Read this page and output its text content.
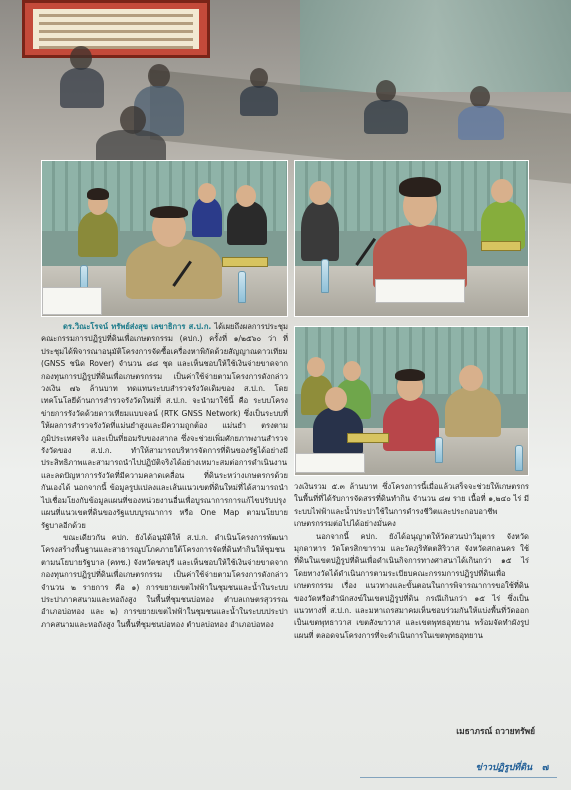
ดร.วิณะโรจน์ ทรัพย์ส่งสุข เลขาธิการ ส.ป.ก. ได้เผยถึงผลการประชุมคณะกรรมการปฏิรูปที่ดินเพื่อเกษตรกรรม (คปก.) ครั้งที่ ๑/๒๕๖๐ ว่า ที่ประชุมได้พิจารณาอนุมัติโครงการจัดซื้อเครื่องหาพิกัดด้วยสัญญาณดาวเทียม (GNSS ชนิด Rover) จำนวน ๘๘ ชุด และเห็นชอบให้ใช้เงินจ่ายขาดจากกองทุนการปฏิรูปที่ดินเพื่อเกษตรกรรม เป็นค่าใช้จ่ายตามโครงการดังกล่าว วงเงิน ๗๖ ล้านบาท ทดแทนระบบสำรวจรังวัดเดิมของ ส.ป.ก. โดยเทคโนโลยีด้านการสำรวจรังวัดใหม่ที่ ส.ป.ก. จะนำมาใช้นี้ คือ ระบบโครงข่ายการรังวัดด้วยดาวเทียมแบบจลน์ (RTK GNSS Network) ซึ่งเป็นระบบที่ให้ผลการสำรวจรังวัดที่แม่นยำสูงและมีความถูกต้อง แม่นยำ ตรงตามภูมิประเทศจริง และเป็นที่ยอมรับของสากล ซึ่งจะช่วยเพิ่มศักยภาพงานสำรวจรังวัดของ ส.ป.ก. ทำให้สามารถบริหารจัดการที่ดินของรัฐได้อย่างมีประสิทธิภาพและสามารถนำไปปฏิบัติจริงได้อย่างเหมาะสมต่อการดำเนินงานและลดปัญหาการรังวัดที่มีความคลาดเคลื่อน ที่ดินระหว่างเกษตรกรด้วยกันเองได้ นอกจากนี้ ข้อมูลรูปแปลงและเส้นแนวเขตที่ดินใหม่ที่ได้สามารถนำไปเชื่อมโยงกับข้อมูลแผนที่ของหน่วยงานอื่นเพื่อบูรณาการการแก้ไขปรับปรุงแผนที่แนวเขตที่ดินของรัฐแบบบูรณาการ หรือ One Map ตามนโยบายรัฐบาลอีกด้วย

ขณะเดียวกัน คปก. ยังได้อนุมัติให้ ส.ป.ก. ดำเนินโครงการพัฒนาโครงสร้างพื้นฐานและสาธารณูปโภคภายใต้โครงการจัดที่ดินทำกินให้ชุมชนตามนโยบายรัฐบาล (คทช.) จังหวัดชลบุรี และเห็นชอบให้ใช้เงินจ่ายขาดจากกองทุนการปฏิรูปที่ดินเพื่อเกษตรกรรม เป็นค่าใช้จ่ายตามโครงการดังกล่าว จำนวน ๒ รายการ คือ ๑) การขยายเขตไฟฟ้าในชุมชนและน้ำในระบบประปาภาคสนามและหอถังสูง ในพื้นที่ชุมชนบ่อทอง ตำบลเกษตรสุวรรณ อำเภอบ่อทอง และ ๒) การขยายเขตไฟฟ้าในชุมชนและน้ำในระบบประปาภาคสนามและหอถังสูง ในพื้นที่ชุมชนบ่อทอง ตำบลบ่อทอง อำเภอบ่อทอง

วงเงินรวม ๕.๓ ล้านบาท ซึ่งโครงการนี้เมื่อแล้วเสร็จจะช่วยให้เกษตรกรในพื้นที่ที่ได้รับการจัดสรรที่ดินทำกิน จำนวน ๘๗ ราย เนื้อที่ ๑,๒๔๐ ไร่ มีระบบไฟฟ้าและน้ำประปาใช้ในการดำรงชีวิตและประกอบอาชีพเกษตรกรรมต่อไปได้อย่างมั่นคง

นอกจากนี้ คปก. ยังได้อนุญาตให้วัดสวนป่าวิมุตาร จังหวัดมุกดาหาร วัดโตรสิกขาราม และวัดภูริทัตตสิริวาส จังหวัดสกลนคร ใช้ที่ดินในเขตปฏิรูปที่ดินเพื่อดำเนินกิจการทางศาสนาได้เกินกว่า ๑๕ ไร่ โดยทางวัดได้ดำเนินการตามระเบียบคณะกรรมการปฏิรูปที่ดินเพื่อเกษตรกรรม เรื่อง แนวทางและขั้นตอนในการพิจารณาการขอใช้ที่ดินของวัดหรือสำนักสงฆ์ในเขตปฏิรูปที่ดิน กรณีเกินกว่า ๑๕ ไร่ ซึ่งเป็นแนวทางที่ ส.ป.ก. และมหาเถรสมาคมเห็นชอบร่วมกันให้แบ่งพื้นที่วัดออกเป็นเขตพุทธาวาส เขตสังฆาวาส และเขตพุทธอุทยาน พร้อมจัดทำผังรูปแผนที่ ตลอดจนโครงการที่จะดำเนินการในเขตพุทธอุทยาน

เมธาภรณ์ ถวายทรัพย์
ข่าวปฏิรูปที่ดิน ๗
